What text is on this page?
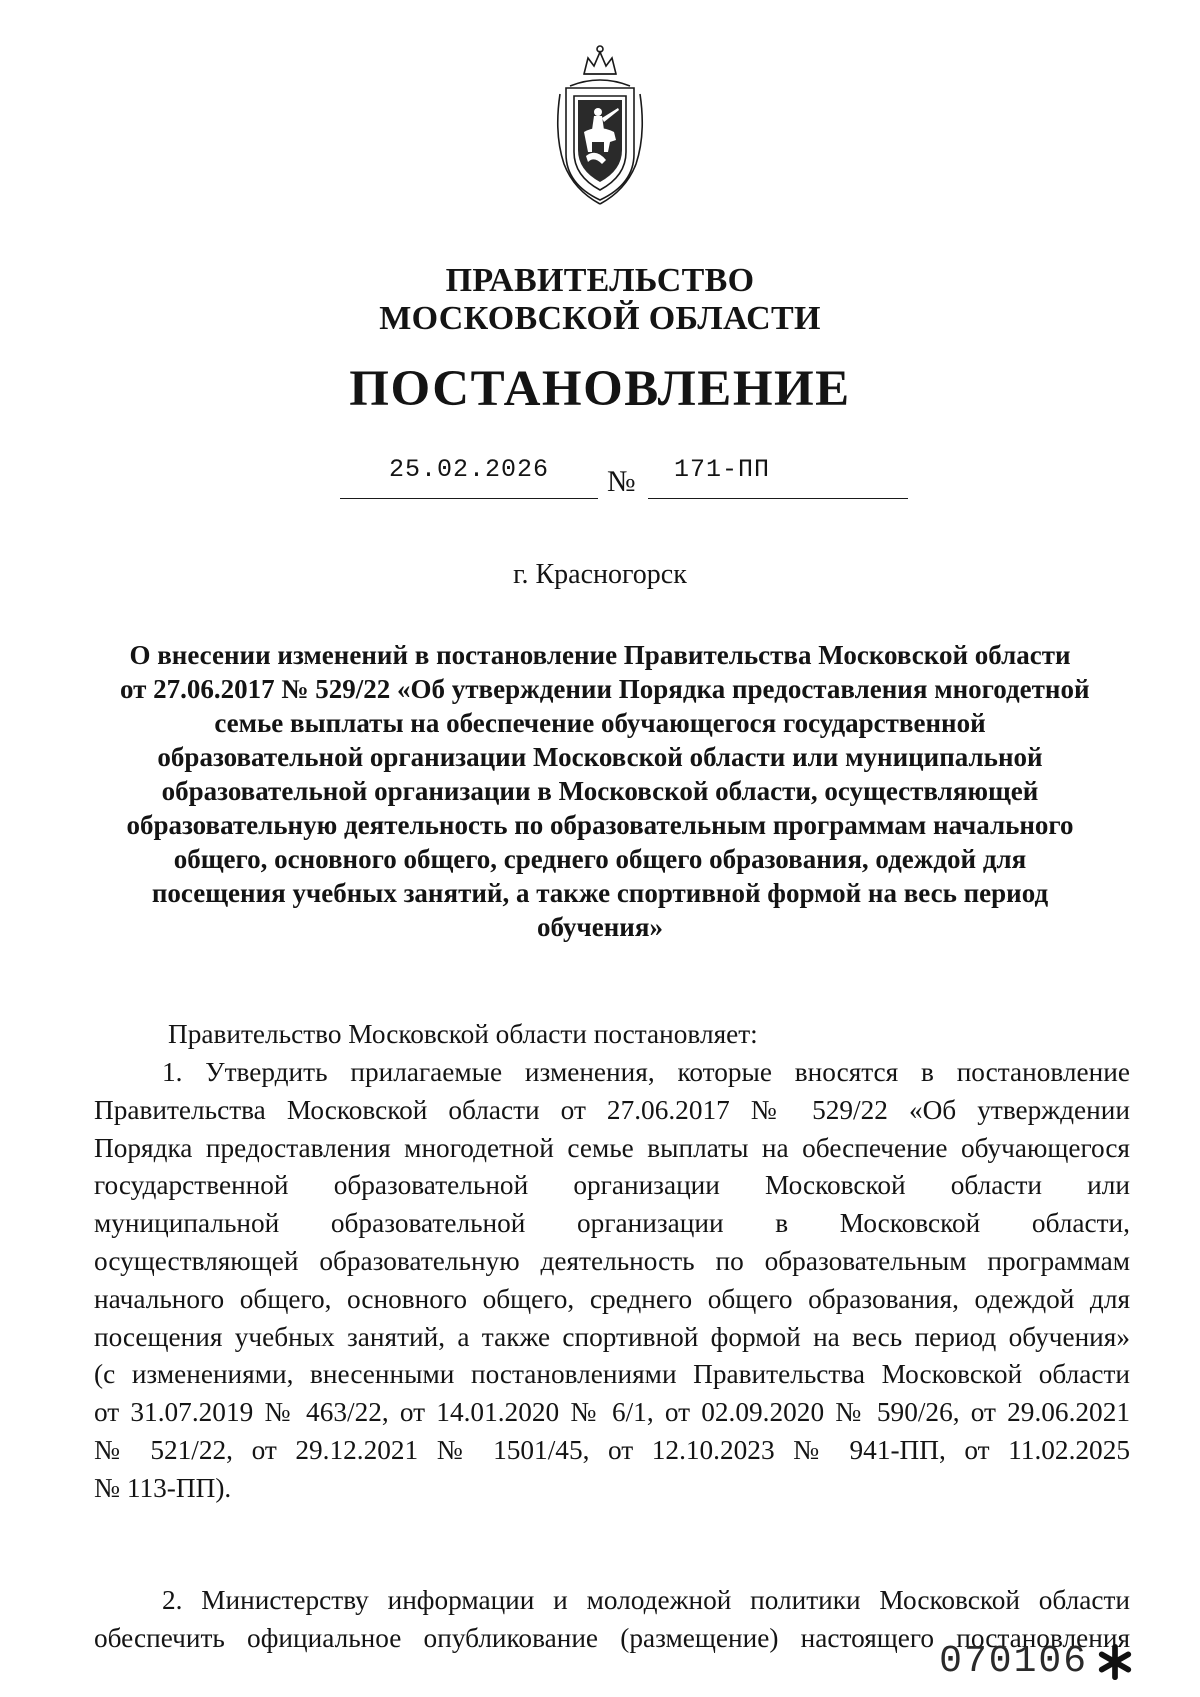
ПРАВИТЕЛЬСТВО
МОСКОВСКОЙ ОБЛАСТИ
ПОСТАНОВЛЕНИЕ
25.02.2026	№	171-ПП
г. Красногорск
О внесении изменений в постановление Правительства Московской области
от 27.06.2017 № 529/22 «Об утверждении Порядка предоставления многодетной
семье выплаты на обеспечение обучающегося государственной
образовательной организации Московской области или муниципальной
образовательной организации в Московской области, осуществляющей
образовательную деятельность по образовательным программам начального
общего, основного общего, среднего общего образования, одеждой для
посещения учебных занятий, а также спортивной формой на весь период
обучения»
Правительство Московской области постановляет:
1. Утвердить прилагаемые изменения, которые вносятся в постановление
Правительства Московской области от 27.06.2017 № 529/22 «Об утверждении
Порядка предоставления многодетной семье выплаты на обеспечение обучающегося
государственной образовательной организации Московской области или
муниципальной образовательной организации в Московской области,
осуществляющей образовательную деятельность по образовательным программам
начального общего, основного общего, среднего общего образования, одеждой для
посещения учебных занятий, а также спортивной формой на весь период обучения»
(с изменениями, внесенными постановлениями Правительства Московской области
от 31.07.2019 № 463/22, от 14.01.2020 № 6/1, от 02.09.2020 № 590/26, от 29.06.2021
№ 521/22, от 29.12.2021 № 1501/45, от 12.10.2023 № 941-ПП, от 11.02.2025
№ 113-ПП).
2. Министерству информации и молодежной политики Московской области
обеспечить официальное опубликование (размещение) настоящего постановления
070106
